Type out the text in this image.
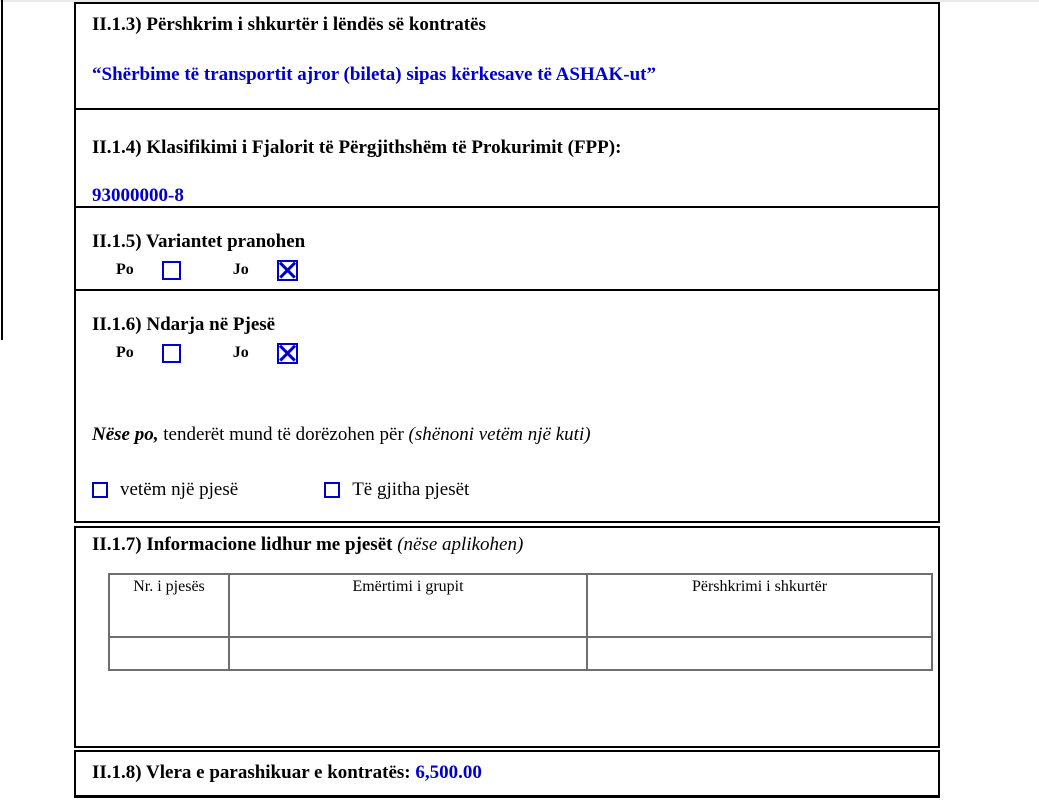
II.1.3) Përshkrim i shkurtër i lëndës së kontratës
“Shërbime të transportit ajror (bileta) sipas kërkesave të ASHAK-ut”
II.1.4) Klasifikimi i Fjalorit të Përgjithshëm të Prokurimit (FPP):
93000000-8
II.1.5) Variantet pranohen
Po	Jo
II.1.6) Ndarja në Pjesë
Po	Jo
Nëse po, tenderët mund të dorëzohen për (shënoni vetëm një kuti)
vetëm një pjesë	Të gjitha pjesët
II.1.7) Informacione lidhur me pjesët (nëse aplikohen)
Nr. i pjesës	Emërtimi i grupit	Përshkrimi i shkurtër

II.1.8) Vlera e parashikuar e kontratës: 6,500.00
